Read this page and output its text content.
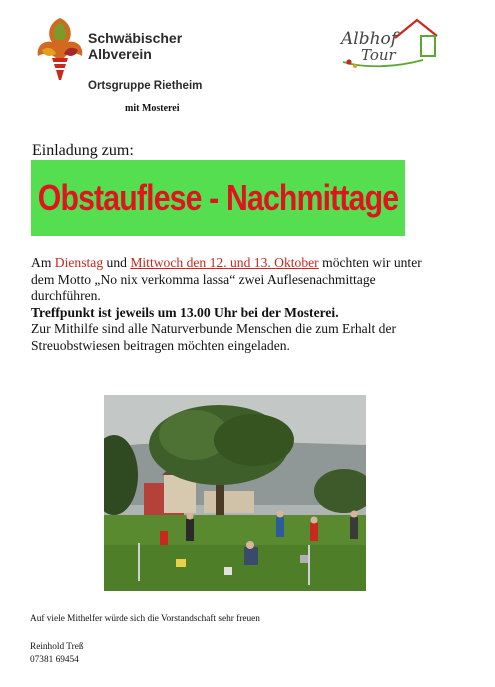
Schwäbischer
Albverein
Ortsgruppe Rietheim
mit Mosterei
Albhof
Tour
Einladung zum:
Obstauflese - Nachmittage
Am Dienstag und Mittwoch den 12. und 13. Oktober möchten wir unter dem Motto „No nix verkomma lassa“ zwei Auflesenachmittage durchführen.
Treffpunkt ist jeweils um 13.00 Uhr bei der Mosterei.
Zur Mithilfe sind alle Naturverbunde Menschen die zum Erhalt der Streuobstwiesen beitragen möchten eingeladen.
Auf viele Mithelfer würde sich die Vorstandschaft sehr freuen
Reinhold Treß
07381 69454
